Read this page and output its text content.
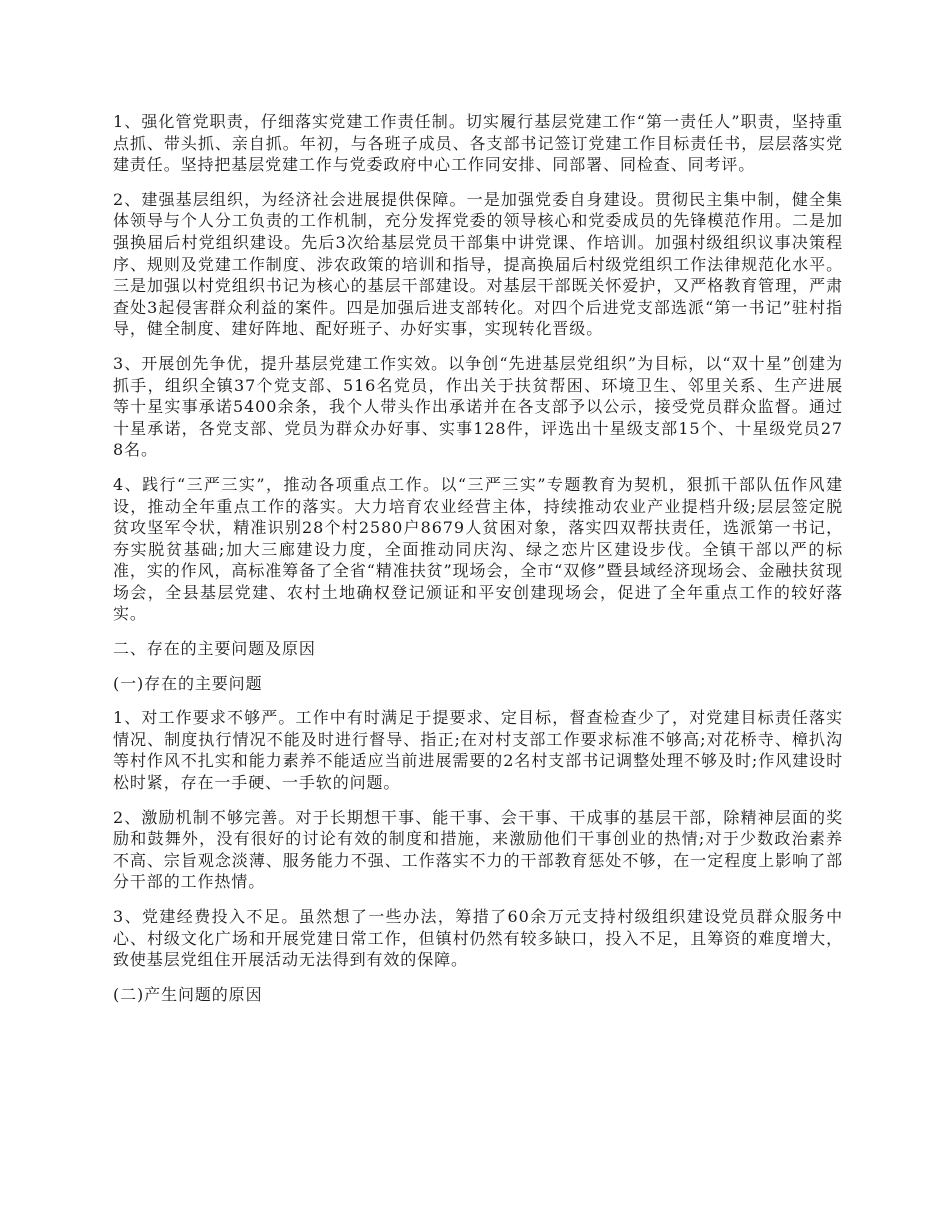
1、强化管党职责，仔细落实党建工作责任制。切实履行基层党建工作“第一责任人”职责，坚持重点抓、带头抓、亲自抓。年初，与各班子成员、各支部书记签订党建工作目标责任书，层层落实党建责任。坚持把基层党建工作与党委政府中心工作同安排、同部署、同检查、同考评。

2、建强基层组织，为经济社会进展提供保障。一是加强党委自身建设。贯彻民主集中制，健全集体领导与个人分工负责的工作机制，充分发挥党委的领导核心和党委成员的先锋模范作用。二是加强换届后村党组织建设。先后3次给基层党员干部集中讲党课、作培训。加强村级组织议事决策程序、规则及党建工作制度、涉农政策的培训和指导，提高换届后村级党组织工作法律规范化水平。三是加强以村党组织书记为核心的基层干部建设。对基层干部既关怀爱护，又严格教育管理，严肃查处3起侵害群众利益的案件。四是加强后进支部转化。对四个后进党支部选派“第一书记”驻村指导，健全制度、建好阵地、配好班子、办好实事，实现转化晋级。

3、开展创先争优，提升基层党建工作实效。以争创“先进基层党组织”为目标，以“双十星”创建为抓手，组织全镇37个党支部、516名党员，作出关于扶贫帮困、环境卫生、邻里关系、生产进展等十星实事承诺5400余条，我个人带头作出承诺并在各支部予以公示，接受党员群众监督。通过十星承诺，各党支部、党员为群众办好事、实事128件，评选出十星级支部15个、十星级党员278名。

4、践行“三严三实”，推动各项重点工作。以“三严三实”专题教育为契机，狠抓干部队伍作风建设，推动全年重点工作的落实。大力培育农业经营主体，持续推动农业产业提档升级;层层签定脱贫攻坚军令状，精准识别28个村2580户8679人贫困对象，落实四双帮扶责任，选派第一书记，夯实脱贫基础;加大三廊建设力度，全面推动同庆沟、绿之恋片区建设步伐。全镇干部以严的标准，实的作风，高标准筹备了全省“精准扶贫”现场会，全市“双修”暨县域经济现场会、金融扶贫现场会，全县基层党建、农村土地确权登记颁证和平安创建现场会，促进了全年重点工作的较好落实。

二、存在的主要问题及原因

(一)存在的主要问题

1、对工作要求不够严。工作中有时满足于提要求、定目标，督查检查少了，对党建目标责任落实情况、制度执行情况不能及时进行督导、指正;在对村支部工作要求标准不够高;对花桥寺、樟扒沟等村作风不扎实和能力素养不能适应当前进展需要的2名村支部书记调整处理不够及时;作风建设时松时紧，存在一手硬、一手软的问题。

2、激励机制不够完善。对于长期想干事、能干事、会干事、干成事的基层干部，除精神层面的奖励和鼓舞外，没有很好的讨论有效的制度和措施，来激励他们干事创业的热情;对于少数政治素养不高、宗旨观念淡薄、服务能力不强、工作落实不力的干部教育惩处不够，在一定程度上影响了部分干部的工作热情。

3、党建经费投入不足。虽然想了一些办法，筹措了60余万元支持村级组织建设党员群众服务中心、村级文化广场和开展党建日常工作，但镇村仍然有较多缺口，投入不足，且筹资的难度增大，致使基层党组住开展活动无法得到有效的保障。

(二)产生问题的原因
